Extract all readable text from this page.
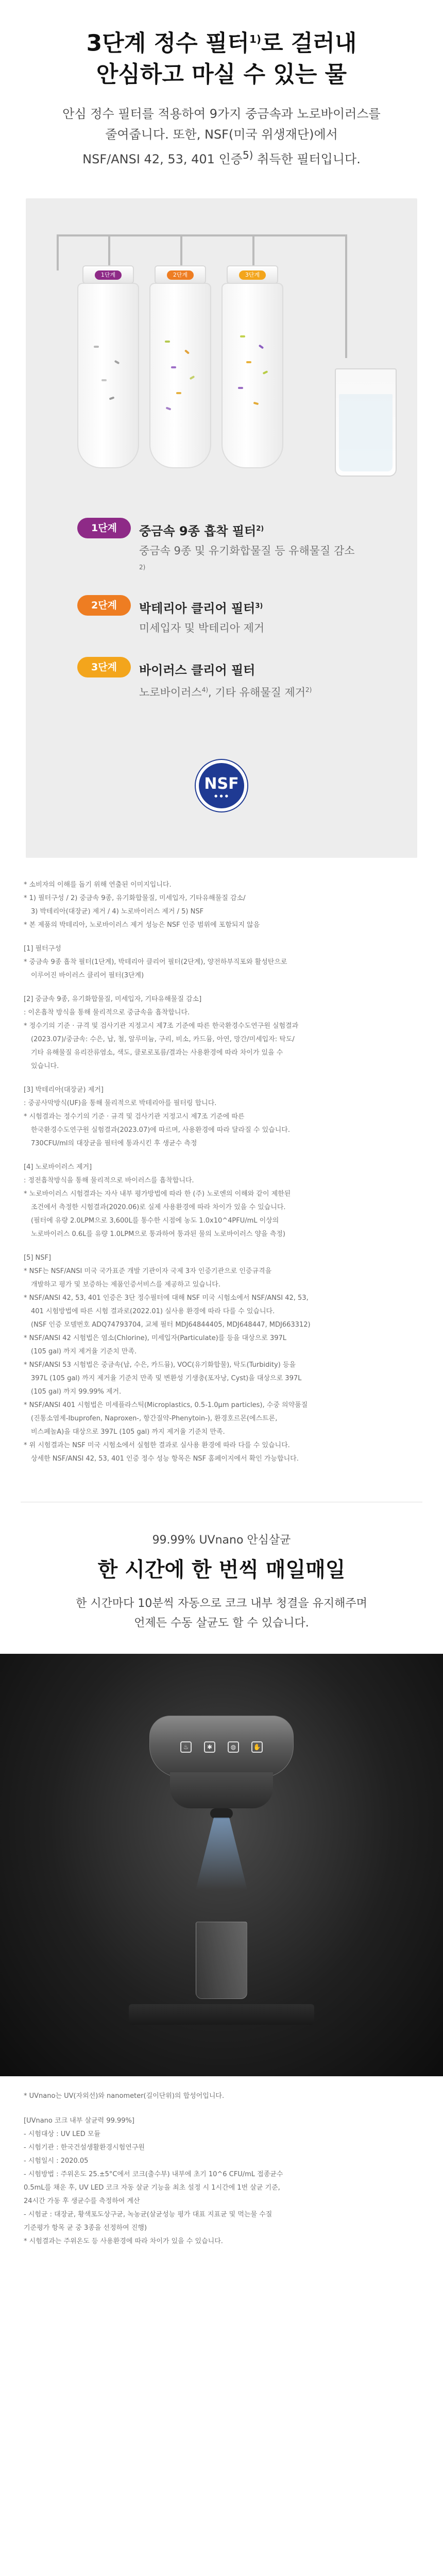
3단계 정수 필터$^{1)}$로 걸러내
안심하고 마실 수 있는 물

안심 정수 필터를 적용하여 9가지 중금속과 노로바이러스를
줄여줍니다. 또한, NSF(미국 위생재단)에서
NSF/ANSI 42, 53, 401 인증$^{5)}$ 취득한 필터입니다.

1단계	2단계	3단계
1단계	중금속 9종 흡착 필터$^{2)}$
중금속 9종 및 유기화합물질 등 유해물질 감소$^{2)}$
2단계	박테리아 클리어 필터$^{3)}$
미세입자 및 박테리아 제거
3단계	바이러스 클리어 필터
노로바이러스$^{4)}$, 기타 유해물질 제거$^{2)}$
NSF
● ● ●

* 소비자의 이해를 돕기 위해 연출된 이미지입니다.

* 1) 필터구성 / 2) 중금속 9종, 유기화합물질, 미세입자, 기타유해물질 감소/

3) 박테리아(대장균) 제거 / 4) 노로바이러스 제거 / 5) NSF

* 본 제품의 박테리아, 노로바이러스 제거 성능은 NSF 인증 범위에 포함되지 않음

[1] 필터구성

* 중금속 9종 흡착 필터(1단계), 박테리아 클리어 필터(2단계), 양전하부직포와 활성탄으로

이루어진 바이러스 클리어 필터(3단계)

[2] 중금속 9종, 유기화합물질, 미세입자, 기타유해물질 감소]

: 이온흡착 방식을 통해 물리적으로 중금속을 흡착합니다.

* 정수기의 기준 · 규격 및 검사기관 지정고시 제7조 기준에 따른 한국환경수도연구원 실험결과

(2023.07)/중금속: 수은, 납, 철, 알루미늄, 구리, 비소, 카드뮴, 아연, 망간/미세입자: 탁도/

기타 유해물질 유리잔류염소, 색도, 클로로포름/결과는 사용환경에 따라 차이가 있을 수

있습니다.

[3] 박테리아(대장균) 제거]

: 중공사막방식(UF)을 통해 물리적으로 박테리아를 필터링 합니다.

* 시험결과는 정수기의 기준 · 규격 및 검사기관 지정고시 제7조 기준에 따른

한국환경수도연구원 실험결과(2023.07)에 따르며, 사용환경에 따라 달라질 수 있습니다.

730CFU/ml의 대장균을 필터에 통과시킨 후 생균수 측정

[4] 노로바이러스 제거]

: 정전흡착방식을 통해 물리적으로 바이러스를 흡착합니다.

* 노로바이러스 시험결과는 자사 내부 평가방법에 따라 한 (주) 노로엔의 이해와 같이 제한된

조건에서 측정한 시험결과(2020.06)로 실제 사용환경에 따라 차이가 있을 수 있습니다.

(필터에 유량 2.0LPM으로 3,600L를 통수한 시점에 농도 1.0x10^4PFU/mL 이상의

노로바이러스 0.6L를 유량 1.0LPM으로 통과하여 통과된 물의 노로바이러스 양을 측정)

[5] NSF]

* NSF는 NSF/ANSI 미국 국가표준 개발 기관이자 국제 3자 인증기관으로 인증규격을

개발하고 평가 및 보증하는 제품인증서비스를 제공하고 있습니다.

* NSF/ANSI 42, 53, 401 인증은 3단 정수필터에 대해 NSF 미국 시험소에서 NSF/ANSI 42, 53,

401 시험방법에 따른 시험 결과로(2022.01) 실사용 환경에 따라 다를 수 있습니다.

(NSF 인증 모델번호 ADQ74793704, 교체 필터 MDJ64844405, MDJ648447, MDJ663312)

* NSF/ANSI 42 시험법은 염소(Chlorine), 미세입자(Particulate)를 등을 대상으로 397L

(105 gal) 까지 제거율 기준치 만족.

* NSF/ANSI 53 시험법은 중금속(납, 수은, 카드뮴), VOC(유기화합물), 탁도(Turbidity) 등을

397L (105 gal) 까지 제거율 기준치 만족 및 변환성 기생충(포자낭, Cyst)을 대상으로 397L

(105 gal) 까지 99.99% 제거.

* NSF/ANSI 401 시험법은 미세플라스틱(Microplastics, 0.5-1.0μm particles), 수중 의약품질

(진통소염제-Ibuprofen, Naproxen-, 항간질약-Phenytoin-), 환경호르몬(에스트론,

비스페놀A)을 대상으로 397L (105 gal) 까지 제거율 기준치 만족.

* 위 시험결과는 NSF 미국 시험소에서 실험한 결과로 실사용 환경에 따라 다를 수 있습니다.

상세한 NSF/ANSI 42, 53, 401 인증 정수 성능 항목은 NSF 홈페이지에서 확인 가능합니다.

99.99% UVnano 안심살균

한 시간에 한 번씩 매일매일

한 시간마다 10분씩 자동으로 코크 내부 청결을 유지해주며
언제든 수동 살균도 할 수 있습니다.

♨	✱	◍	✋

* UVnano는 UV(자외선)와 nanometer(길이단위)의 합성어입니다.

[UVnano 코크 내부 살균력 99.99%]

- 시험대상 : UV LED 모듈

- 시험기관 : 한국건설생활환경시험연구원

- 시험일시 : 2020.05

- 시험방법 : 주위온도 25.±5°C에서 코크(출수부) 내부에 초기 10^6 CFU/mL 접종균수

0.5mL를 채운 후, UV LED 코크 자동 살균 기능을 최초 설정 시 1시간에 1번 살균 기준,

24시간 가동 후 생균수를 측정하여 계산

- 시험균 : 대장균, 황색포도상구균, 녹농균(살균성능 평가 대표 지표균 및 먹는물 수질

기준평가 항목 균 중 3종을 선정하여 진행)

* 시험결과는 주위온도 등 사용환경에 따라 차이가 있을 수 있습니다.
